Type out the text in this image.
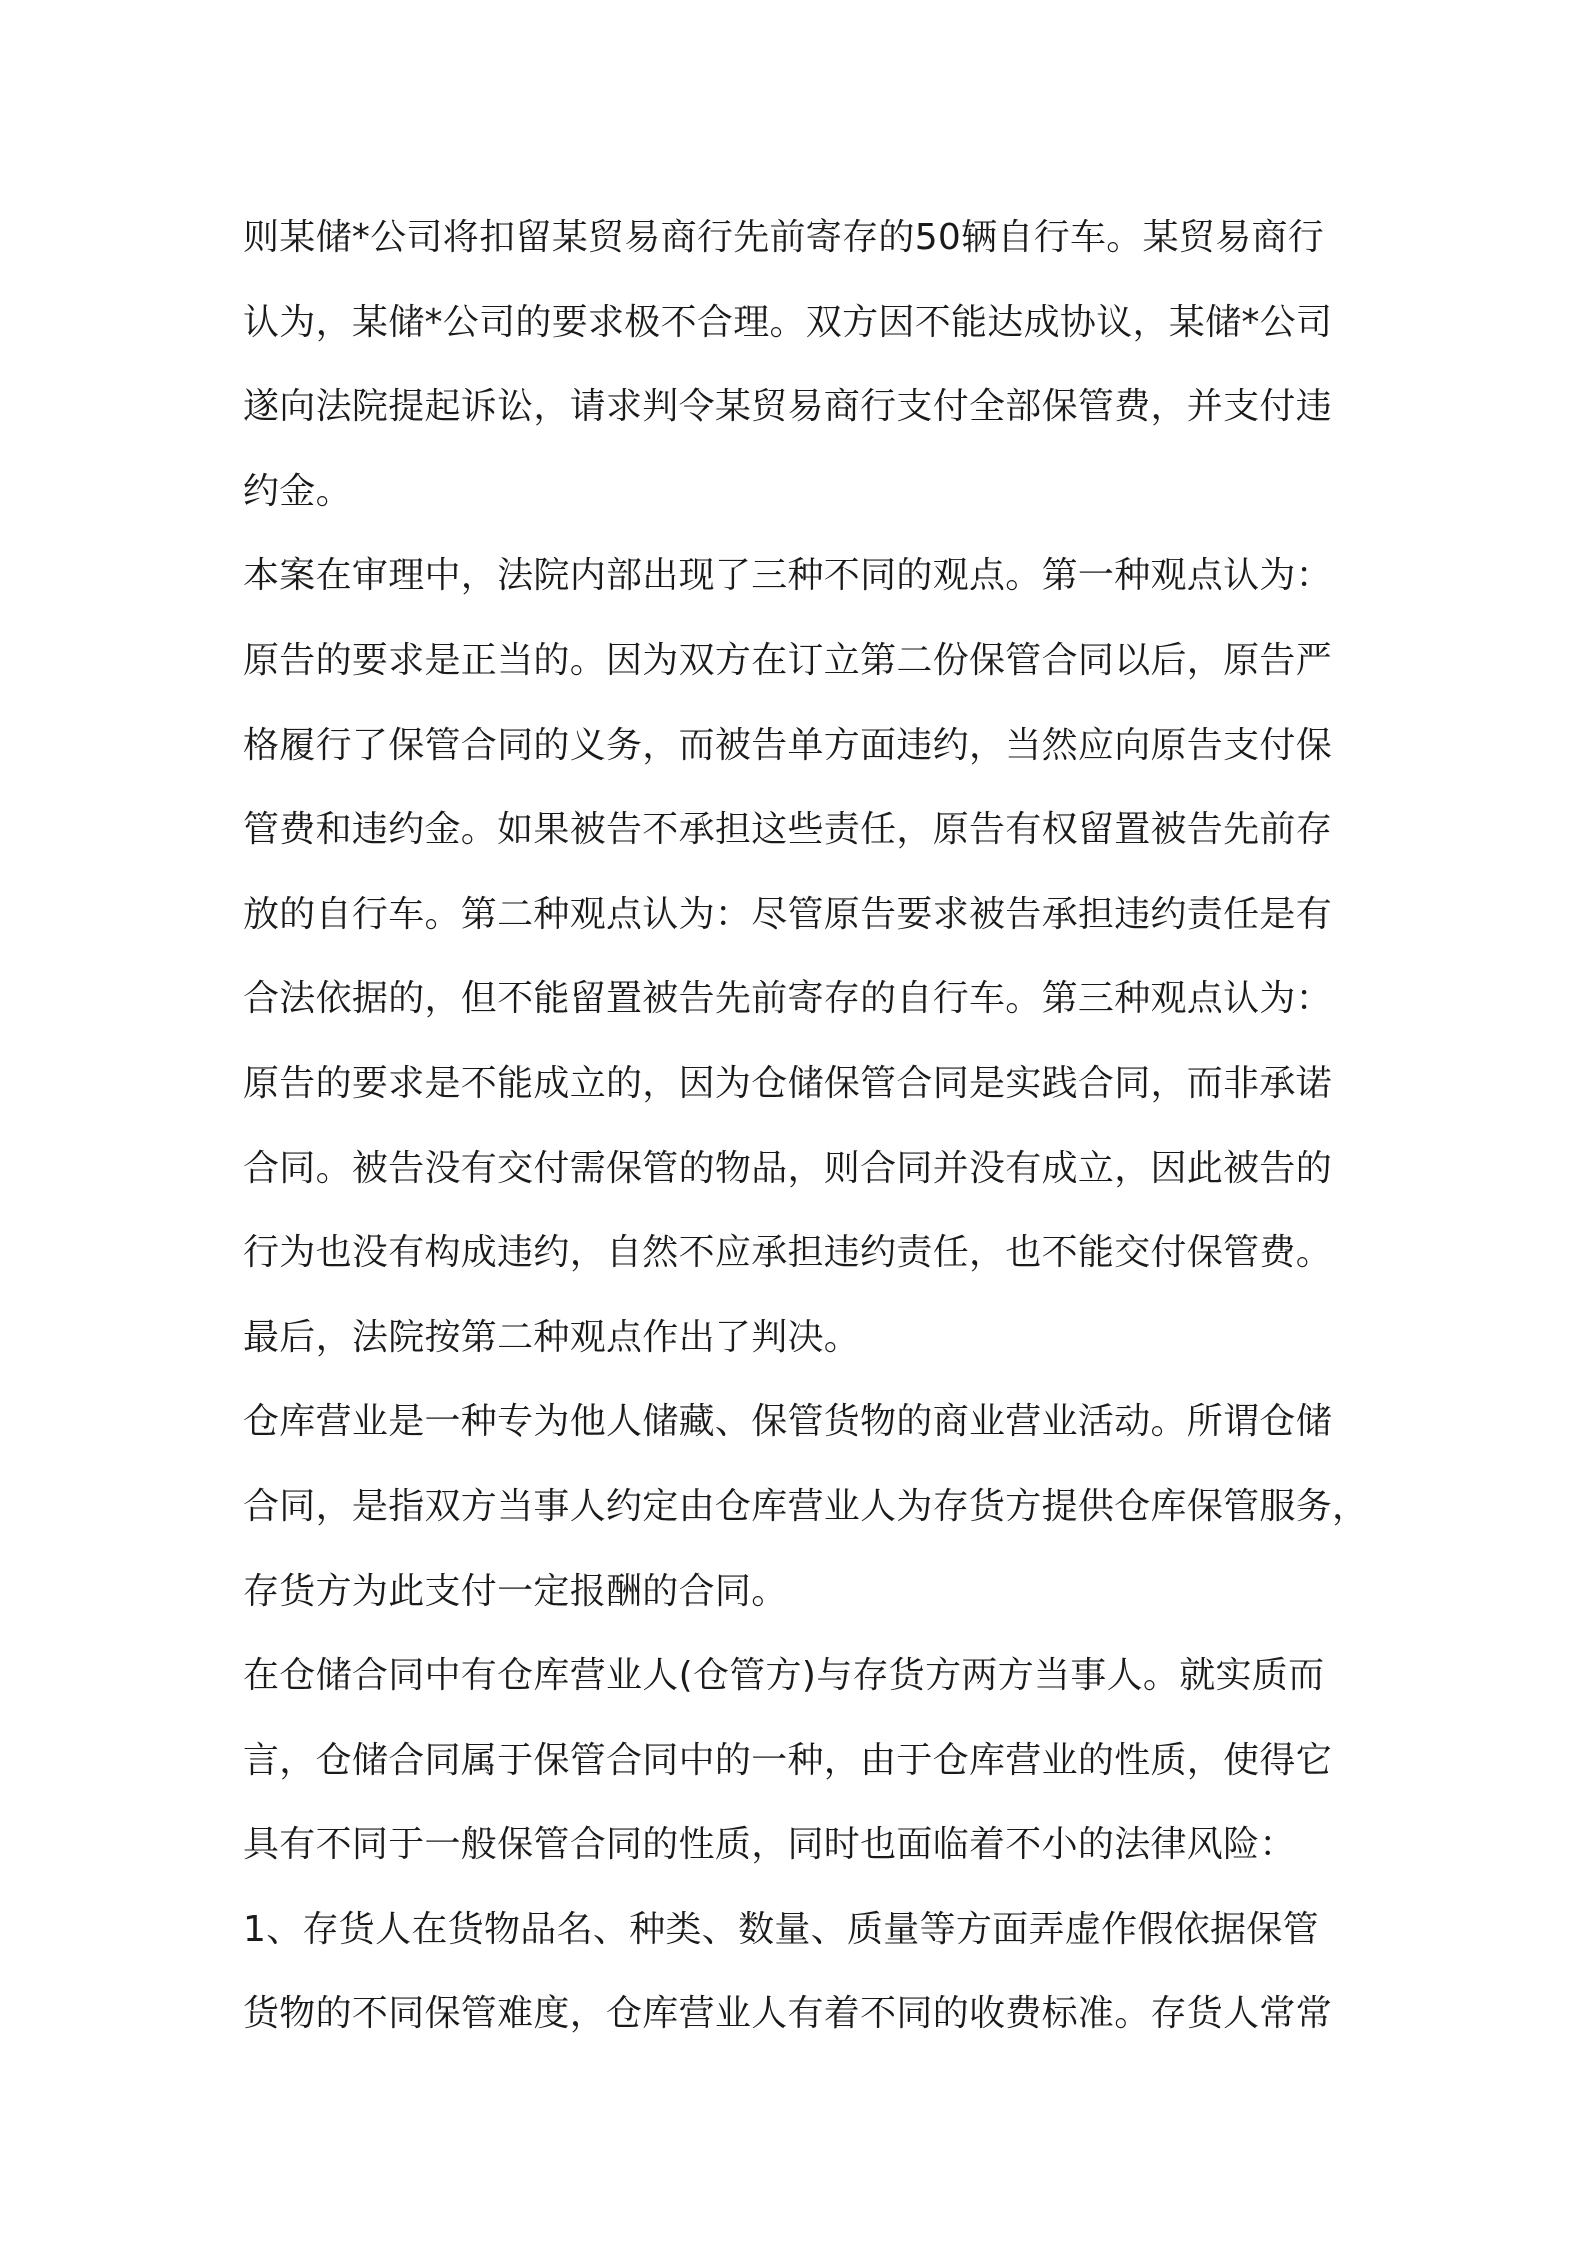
则某储*公司将扣留某贸易商行先前寄存的50辆自行车。某贸易商行
认为，某储*公司的要求极不合理。双方因不能达成协议，某储*公司
遂向法院提起诉讼，请求判令某贸易商行支付全部保管费，并支付违
约金。
本案在审理中，法院内部出现了三种不同的观点。第一种观点认为：
原告的要求是正当的。因为双方在订立第二份保管合同以后，原告严
格履行了保管合同的义务，而被告单方面违约，当然应向原告支付保
管费和违约金。如果被告不承担这些责任，原告有权留置被告先前存
放的自行车。第二种观点认为：尽管原告要求被告承担违约责任是有
合法依据的，但不能留置被告先前寄存的自行车。第三种观点认为：
原告的要求是不能成立的，因为仓储保管合同是实践合同，而非承诺
合同。被告没有交付需保管的物品，则合同并没有成立，因此被告的
行为也没有构成违约，自然不应承担违约责任，也不能交付保管费。
最后，法院按第二种观点作出了判决。
仓库营业是一种专为他人储藏、保管货物的商业营业活动。所谓仓储
合同，是指双方当事人约定由仓库营业人为存货方提供仓库保管服务，
存货方为此支付一定报酬的合同。
在仓储合同中有仓库营业人(仓管方)与存货方两方当事人。就实质而
言，仓储合同属于保管合同中的一种，由于仓库营业的性质，使得它
具有不同于一般保管合同的性质，同时也面临着不小的法律风险：
1、存货人在货物品名、种类、数量、质量等方面弄虚作假依据保管
货物的不同保管难度，仓库营业人有着不同的收费标准。存货人常常
